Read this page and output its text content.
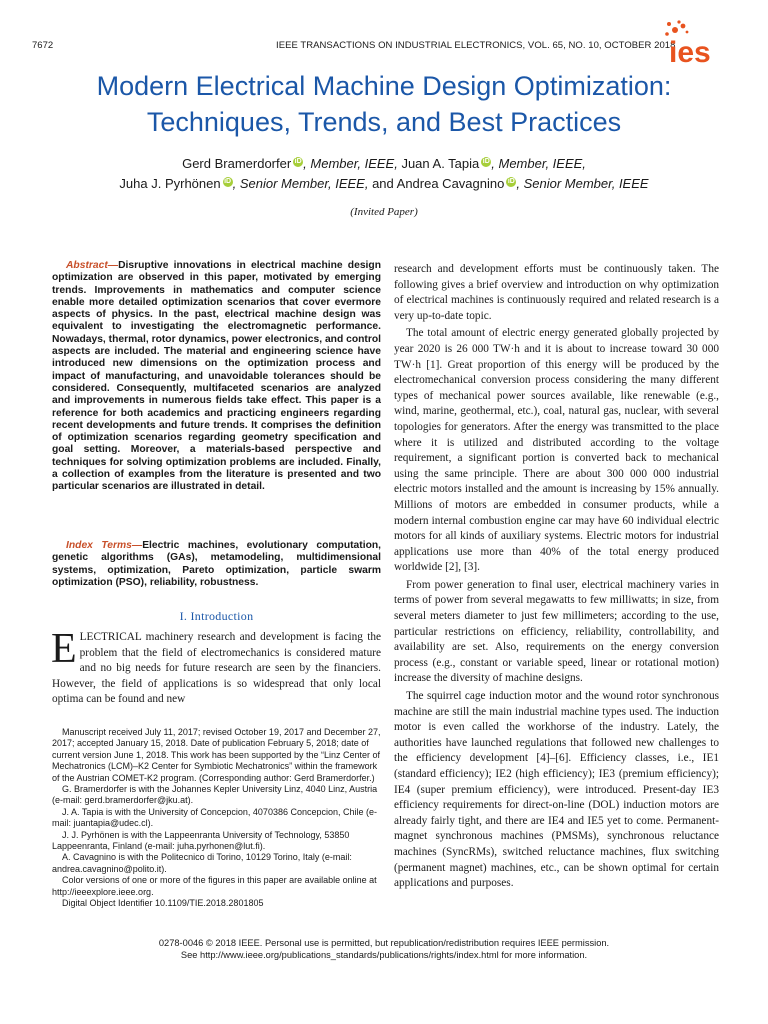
7672	IEEE TRANSACTIONS ON INDUSTRIAL ELECTRONICS, VOL. 65, NO. 10, OCTOBER 2018
ies
Modern Electrical Machine Design Optimization:
Techniques, Trends, and Best Practices
Gerd Bramerdorfer iD , Member, IEEE, Juan A. Tapia iD , Member, IEEE,
Juha J. Pyrhönen iD , Senior Member, IEEE, and Andrea Cavagnino iD , Senior Member, IEEE
(Invited Paper)
Abstract—Disruptive innovations in electrical machine design optimization are observed in this paper, motivated by emerging trends. Improvements in mathematics and computer science enable more detailed optimization scenarios that cover evermore aspects of physics. In the past, electrical machine design was equivalent to investigating the electromagnetic performance. Nowadays, thermal, rotor dynamics, power electronics, and control aspects are included. The material and engineering science have introduced new dimensions on the optimization process and impact of manufacturing, and unavoidable tolerances should be considered. Consequently, multifaceted scenarios are analyzed and improvements in numerous fields take effect. This paper is a reference for both academics and practicing engineers regarding recent developments and future trends. It comprises the definition of optimization scenarios regarding geometry specification and goal setting. Moreover, a materials-based perspective and techniques for solving optimization problems are included. Finally, a collection of examples from the literature is presented and two particular scenarios are illustrated in detail.
Index Terms—Electric machines, evolutionary computation, genetic algorithms (GAs), metamodeling, multidimensional systems, optimization, Pareto optimization, particle swarm optimization (PSO), reliability, robustness.
I. Introduction
ELECTRICAL machinery research and development is facing the problem that the field of electromechanics is considered mature and no big needs for future research are seen by the financiers. However, the field of applications is so widespread that only local optima can be found and new

Manuscript received July 11, 2017; revised October 19, 2017 and December 27, 2017; accepted January 15, 2018. Date of publication February 5, 2018; date of current version June 1, 2018. This work has been supported by the “Linz Center of Mechatronics (LCM)–K2 Center for Symbiotic Mechatronics” within the framework of the Austrian COMET-K2 program. (Corresponding author: Gerd Bramerdorfer.)

G. Bramerdorfer is with the Johannes Kepler University Linz, 4040 Linz, Austria (e-mail: gerd.bramerdorfer@jku.at).

J. A. Tapia is with the University of Concepcion, 4070386 Concepcion, Chile (e-mail: juantapia@udec.cl).

J. J. Pyrhönen is with the Lappeenranta University of Technology, 53850 Lappeenranta, Finland (e-mail: juha.pyrhonen@lut.fi).

A. Cavagnino is with the Politecnico di Torino, 10129 Torino, Italy (e-mail: andrea.cavagnino@polito.it).

Color versions of one or more of the figures in this paper are available online at http://ieeexplore.ieee.org.

Digital Object Identifier 10.1109/TIE.2018.2801805

research and development efforts must be continuously taken. The following gives a brief overview and introduction on why optimization of electrical machines is continuously required and related research is a very up-to-date topic.

The total amount of electric energy generated globally projected by year 2020 is 26 000 TW·h and it is about to increase toward 30 000 TW·h [1]. Great proportion of this energy will be produced by the electromechanical conversion process considering the many different types of mechanical power sources available, like renewable (e.g., wind, marine, geothermal, etc.), coal, natural gas, nuclear, with several topologies for generators. After the energy was transmitted to the place where it is utilized and distributed according to the voltage requirement, a significant portion is converted back to mechanical using the same principle. There are about 300 000 000 industrial electric motors installed and the amount is increasing by 15% annually. Millions of motors are embedded in consumer products, while a modern internal combustion engine car may have 60 individual electric motors for all kinds of auxiliary systems. Electric motors for industrial applications use more than 40% of the total energy produced worldwide [2], [3].

From power generation to final user, electrical machinery varies in terms of power from several megawatts to few milliwatts; in size, from several meters diameter to just few millimeters; according to the use, particular restrictions on efficiency, reliability, controllability, and availability are set. Also, requirements on the energy conversion process (e.g., constant or variable speed, linear or rotational motion) increase the diversity of machine designs.

The squirrel cage induction motor and the wound rotor synchronous machine are still the main industrial machine types used. The induction motor is even called the workhorse of the industry. Lately, the authorities have launched regulations that followed new challenges to the efficiency development [4]–[6]. Efficiency classes, i.e., IE1 (standard efficiency); IE2 (high efficiency); IE3 (premium efficiency); IE4 (super premium efficiency), were introduced. Present-day IE3 efficiency requirements for direct-on-line (DOL) induction motors are already fairly tight, and there are IE4 and IE5 yet to come. Permanent-magnet synchronous machines (PMSMs), synchronous reluctance machines (SyncRMs), switched reluctance machines, flux switching (permanent magnet) machines, etc., can be shown optimal for certain applications and purposes.

0278-0046 © 2018 IEEE. Personal use is permitted, but republication/redistribution requires IEEE permission.
See http://www.ieee.org/publications_standards/publications/rights/index.html for more information.
